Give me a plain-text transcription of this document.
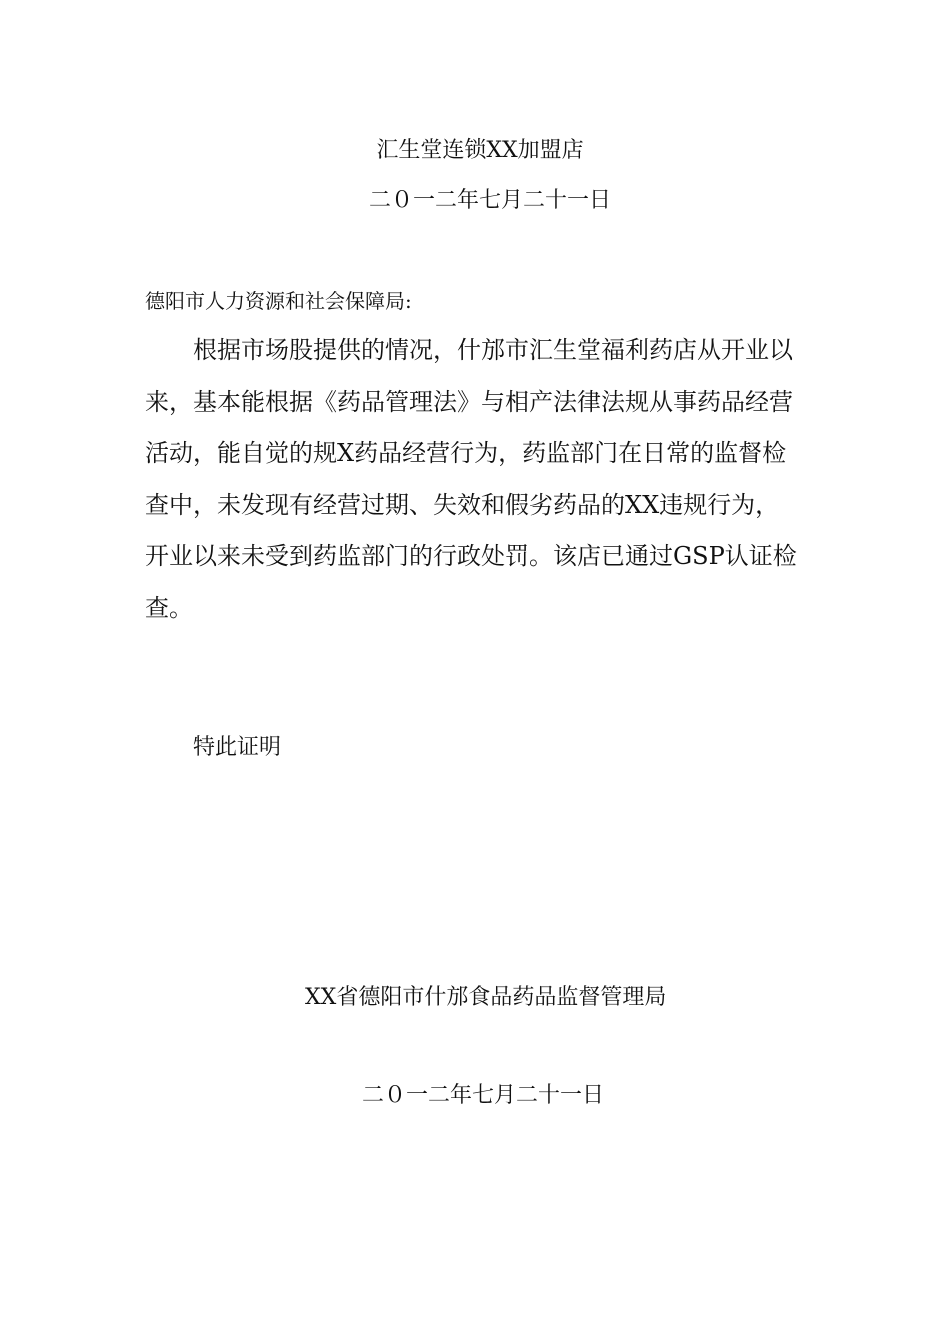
汇生堂连锁XX加盟店
二０一二年七月二十一日
德阳市人力资源和社会保障局:
根据市场股提供的情况，什邡市汇生堂福利药店从开业以
来，基本能根据《药品管理法》与相产法律法规从事药品经营
活动，能自觉的规X药品经营行为，药监部门在日常的监督检
查中，未发现有经营过期、失效和假劣药品的XX违规行为，
开业以来未受到药监部门的行政处罚。该店已通过GSP认证检
查。
特此证明
XX省德阳市什邡食品药品监督管理局
二０一二年七月二十一日
